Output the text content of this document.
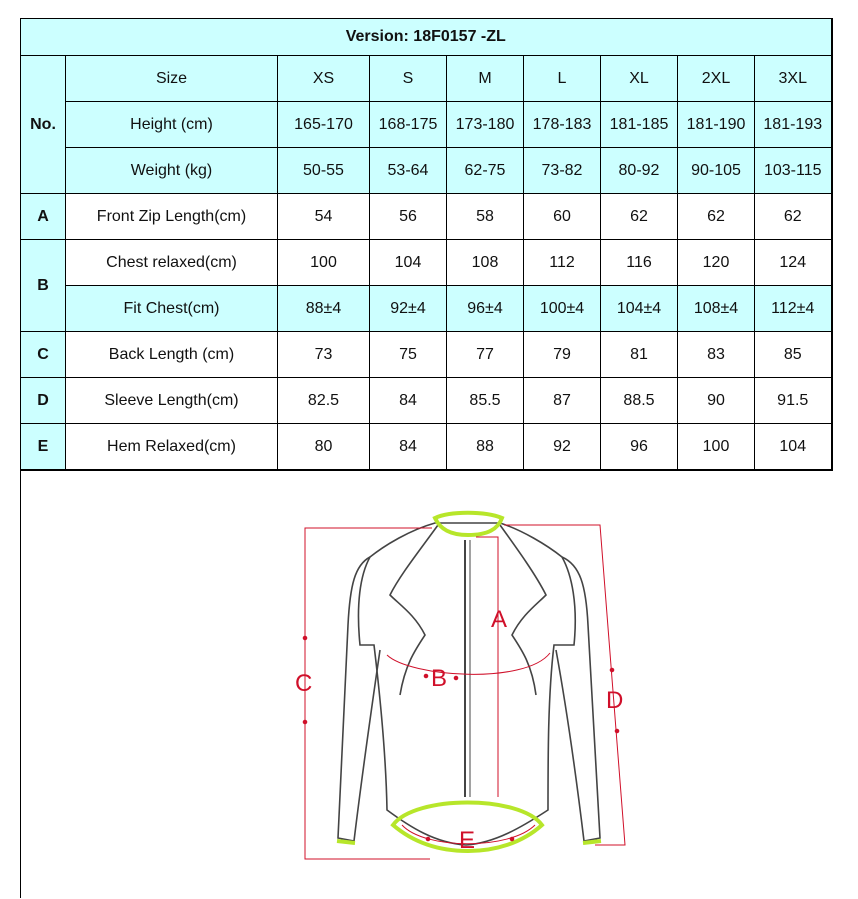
Version: 18F0157 -ZL								
No.	Size	XS	S	M	L	XL	2XL	3XL
	Height (cm)	165-170	168-175	173-180	178-183	181-185	181-190	181-193
	Weight (kg)	50-55	53-64	62-75	73-82	80-92	90-105	103-115
A	Front Zip Length(cm)	54	56	58	60	62	62	62
B	Chest relaxed(cm)	100	104	108	112	116	120	124
	Fit Chest(cm)	88±4	92±4	96±4	100±4	104±4	108±4	112±4
C	Back Length (cm)	73	75	77	79	81	83	85
D	Sleeve Length(cm)	82.5	84	85.5	87	88.5	90	91.5
E	Hem Relaxed(cm)	80	84	88	92	96	100	104
A
B
C
D
E
